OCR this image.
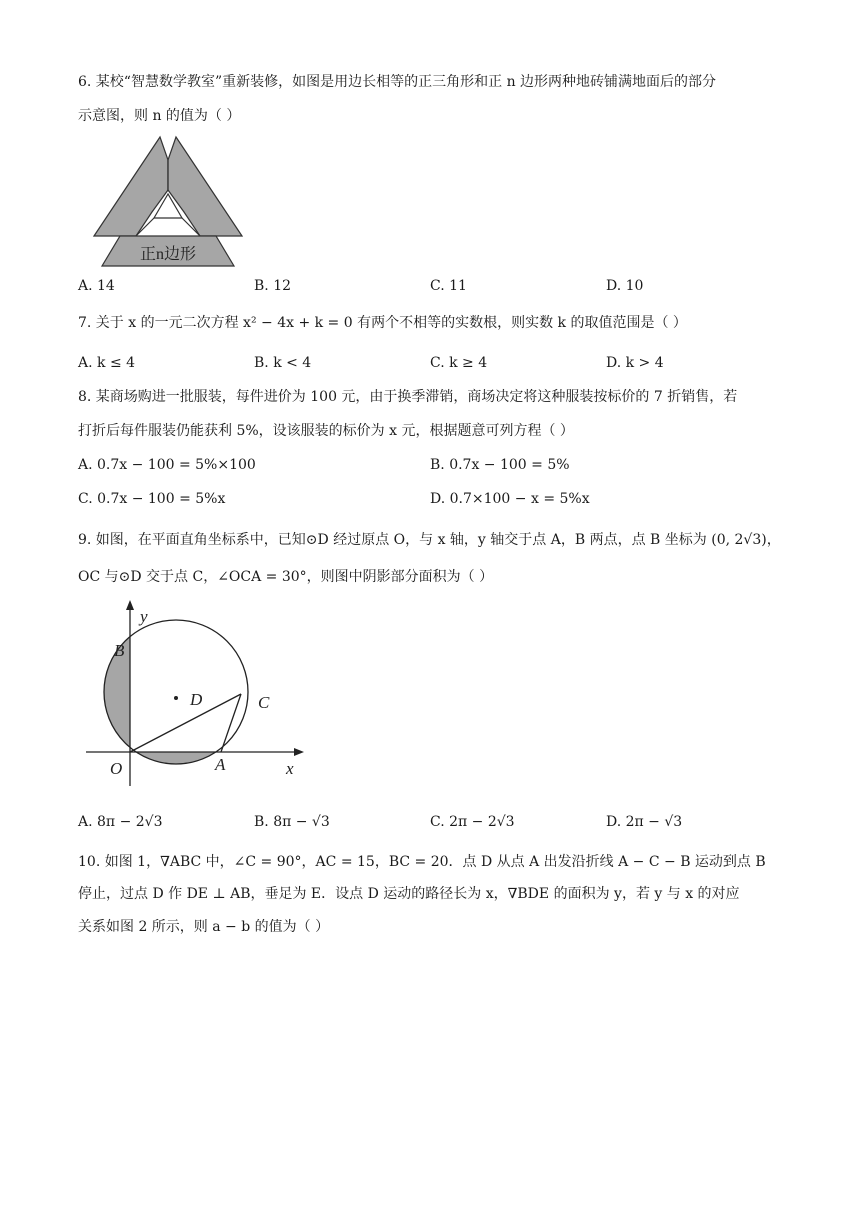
6. 某校“智慧数学教室”重新装修，如图是用边长相等的正三角形和正 n 边形两种地砖铺满地面后的部分
示意图，则 n 的值为（ ）
正n边形
A. 14	B. 12	C. 11	D. 10
7. 关于 x 的一元二次方程 x² − 4x + k = 0 有两个不相等的实数根，则实数 k 的取值范围是（ ）
A. k ≤ 4	B. k < 4	C. k ≥ 4	D. k > 4
8. 某商场购进一批服装，每件进价为 100 元，由于换季滞销，商场决定将这种服装按标价的 7 折销售，若
打折后每件服装仍能获利 5%，设该服装的标价为 x 元，根据题意可列方程（ ）
A. 0.7x − 100 = 5%×100	B. 0.7x − 100 = 5%
C. 0.7x − 100 = 5%x	D. 0.7×100 − x = 5%x
9. 如图，在平面直角坐标系中，已知⊙D 经过原点 O，与 x 轴，y 轴交于点 A，B 两点，点 B 坐标为 (0, 2√3)，
OC 与⊙D 交于点 C，∠OCA = 30°，则图中阴影部分面积为（ ）
y
B
D	C
O	A	x
A. 8π − 2√3	B. 8π − √3	C. 2π − 2√3	D. 2π − √3
10. 如图 1，∇ABC 中，∠C = 90°，AC = 15，BC = 20．点 D 从点 A 出发沿折线 A − C − B 运动到点 B
停止，过点 D 作 DE ⊥ AB，垂足为 E．设点 D 运动的路径长为 x，∇BDE 的面积为 y，若 y 与 x 的对应
关系如图 2 所示，则 a − b 的值为（ ）
